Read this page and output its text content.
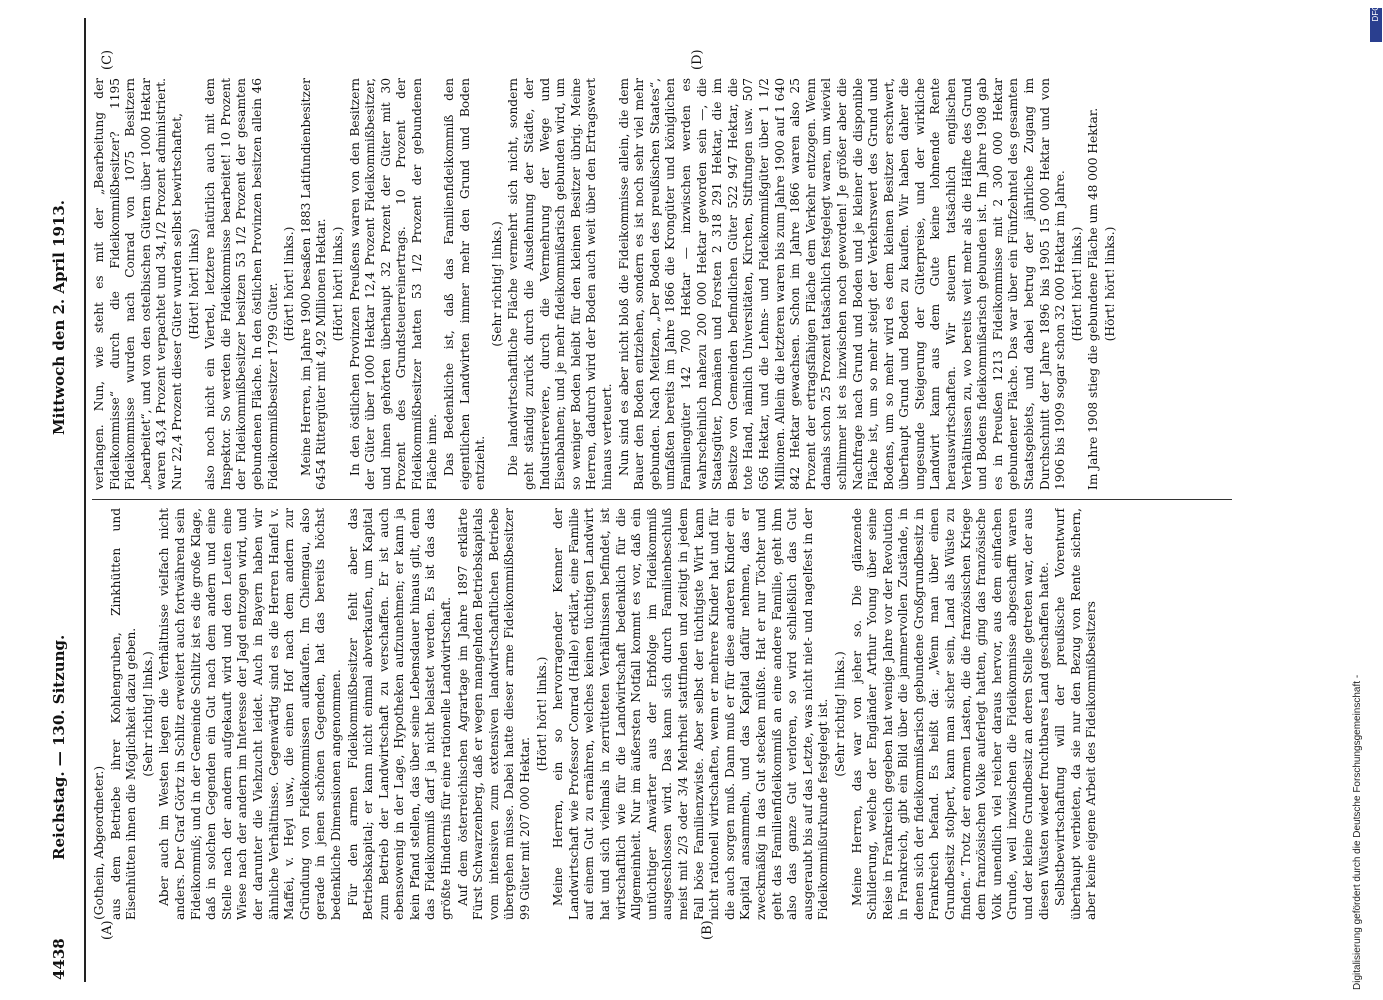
4438
Reichstag. — 130. Sitzung.
Mittwoch den 2. April 1913.
(A)	(B)
(C)	(D)

(Gothein, Abgeordneter.) aus dem Betriebe ihrer Kohlengruben, Zinkhütten und Eisenhütten ihnen die Möglichkeit dazu geben. (Sehr richtig! links.) Aber auch im Westen liegen die Verhältnisse vielfach nicht anders. Der Graf Görtz in Schlitz erweitert auch fortwährend sein Fideikommiß; und in der Gemeinde Schlitz ist es die große Klage, daß in solchen Gegenden ein Gut nach dem andern und eine Stelle nach der andern aufgekauft wird und den Leuten eine Wiese nach der andern im Interesse der Jagd entzogen wird, und der darunter die Viehzucht leidet. Auch in Bayern haben wir ähnliche Verhältnisse. Gegenwärtig sind es die Herren Hanfel v. Maffei, v. Heyl usw., die einen Hof nach dem andern zur Gründung von Fideikommissen aufkaufen. Im Chiemgau, also gerade in jenen schönen Gegenden, hat das bereits höchst bedenkliche Dimensionen angenommen. Für den armen Fideikommißbesitzer fehlt aber das Betriebskapital; er kann nicht einmal abverkaufen, um Kapital zum Betrieb der Landwirtschaft zu verschaffen. Er ist auch ebensowenig in der Lage, Hypotheken aufzunehmen; er kann ja kein Pfand stellen, das über seine Lebensdauer hinaus gilt, denn das Fideikommiß darf ja nicht belastet werden. Es ist das das größte Hindernis für eine rationelle Landwirtschaft. Auf dem österreichischen Agrartage im Jahre 1897 erklärte Fürst Schwarzenberg, daß er wegen mangelnden Betriebskapitals vom intensiven zum extensiven landwirtschaftlichen Betriebe übergehen müsse. Dabei hatte dieser arme Fideikommißbesitzer 99 Güter mit 207 000 Hektar.

(Hört! hört! links.) Meine Herren, ein so hervorragender Kenner der Landwirtschaft wie Professor Conrad (Halle) erklärt, eine Familie auf einem Gut zu ernähren, welches keinen tüchtigen Landwirt hat und sich vielmals in zerrütteten Verhältnissen befindet, ist wirtschaftlich wie für die Landwirtschaft bedenklich für die Allgemeinheit. Nur im äußersten Notfall kommt es vor, daß ein untüchtiger Anwärter aus der Erbfolge im Fideikommiß ausgeschlossen wird. Das kann sich durch Familienbeschluß meist mit 2/3 oder 3/4 Mehrheit stattfinden und zeitigt in jedem Fall böse Familienzwiste. Aber selbst der tüchtigste Wirt kann nicht rationell wirtschaften, wenn er mehrere Kinder hat und für die auch sorgen muß. Dann muß er für diese anderen Kinder ein Kapital ansammeln, und das Kapital dafür nehmen, das er zweckmäßig in das Gut stecken müßte. Hat er nur Töchter und geht das Familienfideikommiß an eine andere Familie, geht ihm also das ganze Gut verloren, so wird schließlich das Gut ausgeraubt bis auf das Letzte, was nicht niet- und nagelfest in der Fideikommißurkunde festgelegt ist. (Sehr richtig! links.) Meine Herren, das war von jeher so. Die glänzende Schilderung, welche der Engländer Arthur Young über seine Reise in Frankreich gegeben hat wenige Jahre vor der Revolution in Frankreich, gibt ein Bild über die jammervollen Zustände, in denen sich der fideikommißarisch gebundene Großgrundbesitz in Frankreich befand. Es heißt da: „Wenn man über einen Grundbesitz stolpert, kann man sicher sein, Land als Wüste zu finden.“ Trotz der enormen Lasten, die die französischen Kriege dem französischen Volke auferlegt hatten, ging das französische Volk unendlich viel reicher daraus hervor, aus dem einfachen Grunde, weil inzwischen die Fideikommisse abgeschafft waren und der kleine Grundbesitz an deren Stelle getreten war, der aus diesen Wüsten wieder fruchtbares Land geschaffen hatte. Selbstbewirtschaftung will der preußische Vorentwurf überhaupt verbieten, da sie nur den Bezug von Rente sichern, aber keine eigene Arbeit des Fideikommißbesitzers

verlangen. Nun, wie steht es mit der „Bearbeitung der Fideikommisse“ durch die Fideikommißbesitzer? 1195 Fideikommisse wurden nach Conrad von 1075 Besitzern „bearbeitet“, und von den ostelbischen Gütern über 1000 Hektar waren 43,4 Prozent verpachtet und 34,1/2 Prozent administriert. Nur 22,4 Prozent dieser Güter wurden selbst bewirtschaftet, (Hört! hört! links) also noch nicht ein Viertel, letztere natürlich auch mit dem Inspektor. So werden die Fideikommisse bearbeitet! 10 Prozent der Fideikommißbesitzer besitzen 53 1/2 Prozent der gesamten gebundenen Fläche. In den östlichen Provinzen besitzen allein 46 Fideikommißbesitzer 1799 Güter. (Hört! hört! links.) Meine Herren, im Jahre 1900 besaßen 1883 Latifundienbesitzer 6454 Rittergüter mit 4,92 Millionen Hektar. (Hört! hört! links.) In den östlichen Provinzen Preußens waren von den Besitzern der Güter über 1000 Hektar 12,4 Prozent Fideikommißbesitzer, und ihnen gehörten überhaupt 32 Prozent der Güter mit 30 Prozent des Grundsteuerreinertrags. 10 Prozent der Fideikommißbesitzer hatten 53 1/2 Prozent der gebundenen Fläche inne. Das Bedenkliche ist, daß das Familienfideikommiß den eigentlichen Landwirten immer mehr den Grund und Boden entzieht.

(Sehr richtig! links.) Die landwirtschaftliche Fläche vermehrt sich nicht, sondern geht ständig zurück durch die Ausdehnung der Städte, der Industriereviere, durch die Vermehrung der Wege und Eisenbahnen; und je mehr fideikommißarisch gebunden wird, um so weniger Boden bleibt für den kleinen Besitzer übrig. Meine Herren, dadurch wird der Boden auch weit über den Ertragswert hinaus verteuert. Nun sind es aber nicht bloß die Fideikommisse allein, die dem Bauer den Boden entziehen, sondern es ist noch sehr viel mehr gebunden. Nach Meitzen, „Der Boden des preußischen Staates“, umfaßten bereits im Jahre 1866 die Krongüter und königlichen Familiengüter 142 700 Hektar — inzwischen werden es wahrscheinlich nahezu 200 000 Hektar geworden sein —, die Staatsgüter, Domänen und Forsten 2 318 291 Hektar, die im Besitze von Gemeinden befindlichen Güter 522 947 Hektar, die tote Hand, nämlich Universitäten, Kirchen, Stiftungen usw. 507 656 Hektar, und die Lehns- und Fideikommißgüter über 1 1/2 Millionen. Allein die letzteren waren bis zum Jahre 1900 auf 1 640 842 Hektar gewachsen. Schon im Jahre 1866 waren also 25 Prozent der ertragsfähigen Fläche dem Verkehr entzogen. Wenn damals schon 25 Prozent tatsächlich festgelegt waren, um wieviel schlimmer ist es inzwischen noch geworden! Je größer aber die Nachfrage nach Grund und Boden und je kleiner die disponible Fläche ist, um so mehr steigt der Verkehrswert des Grund und Bodens, um so mehr wird es dem kleinen Besitzer erschwert, überhaupt Grund und Boden zu kaufen. Wir haben daher die ungesunde Steigerung der Güterpreise, und der wirkliche Landwirt kann aus dem Gute keine lohnende Rente herauswirtschaften. Wir steuern tatsächlich englischen Verhältnissen zu, wo bereits weit mehr als die Hälfte des Grund und Bodens fideikommißarisch gebunden ist. Im Jahre 1908 gab es in Preußen 1213 Fideikommisse mit 2 300 000 Hektar gebundener Fläche. Das war über ein Fünfzehntel des gesamten Staatsgebiets, und dabei betrug der jährliche Zugang im Durchschnitt der Jahre 1896 bis 1905 15 000 Hektar und von 1906 bis 1909 sogar schon 32 000 Hektar im Jahre. (Hört! hört! links.) Im Jahre 1908 stieg die gebundene Fläche um 48 000 Hektar. (Hört! hört! links.)

Digitalisierung gefördert durch die Deutsche Forschungsgemeinschaft -
DFG
